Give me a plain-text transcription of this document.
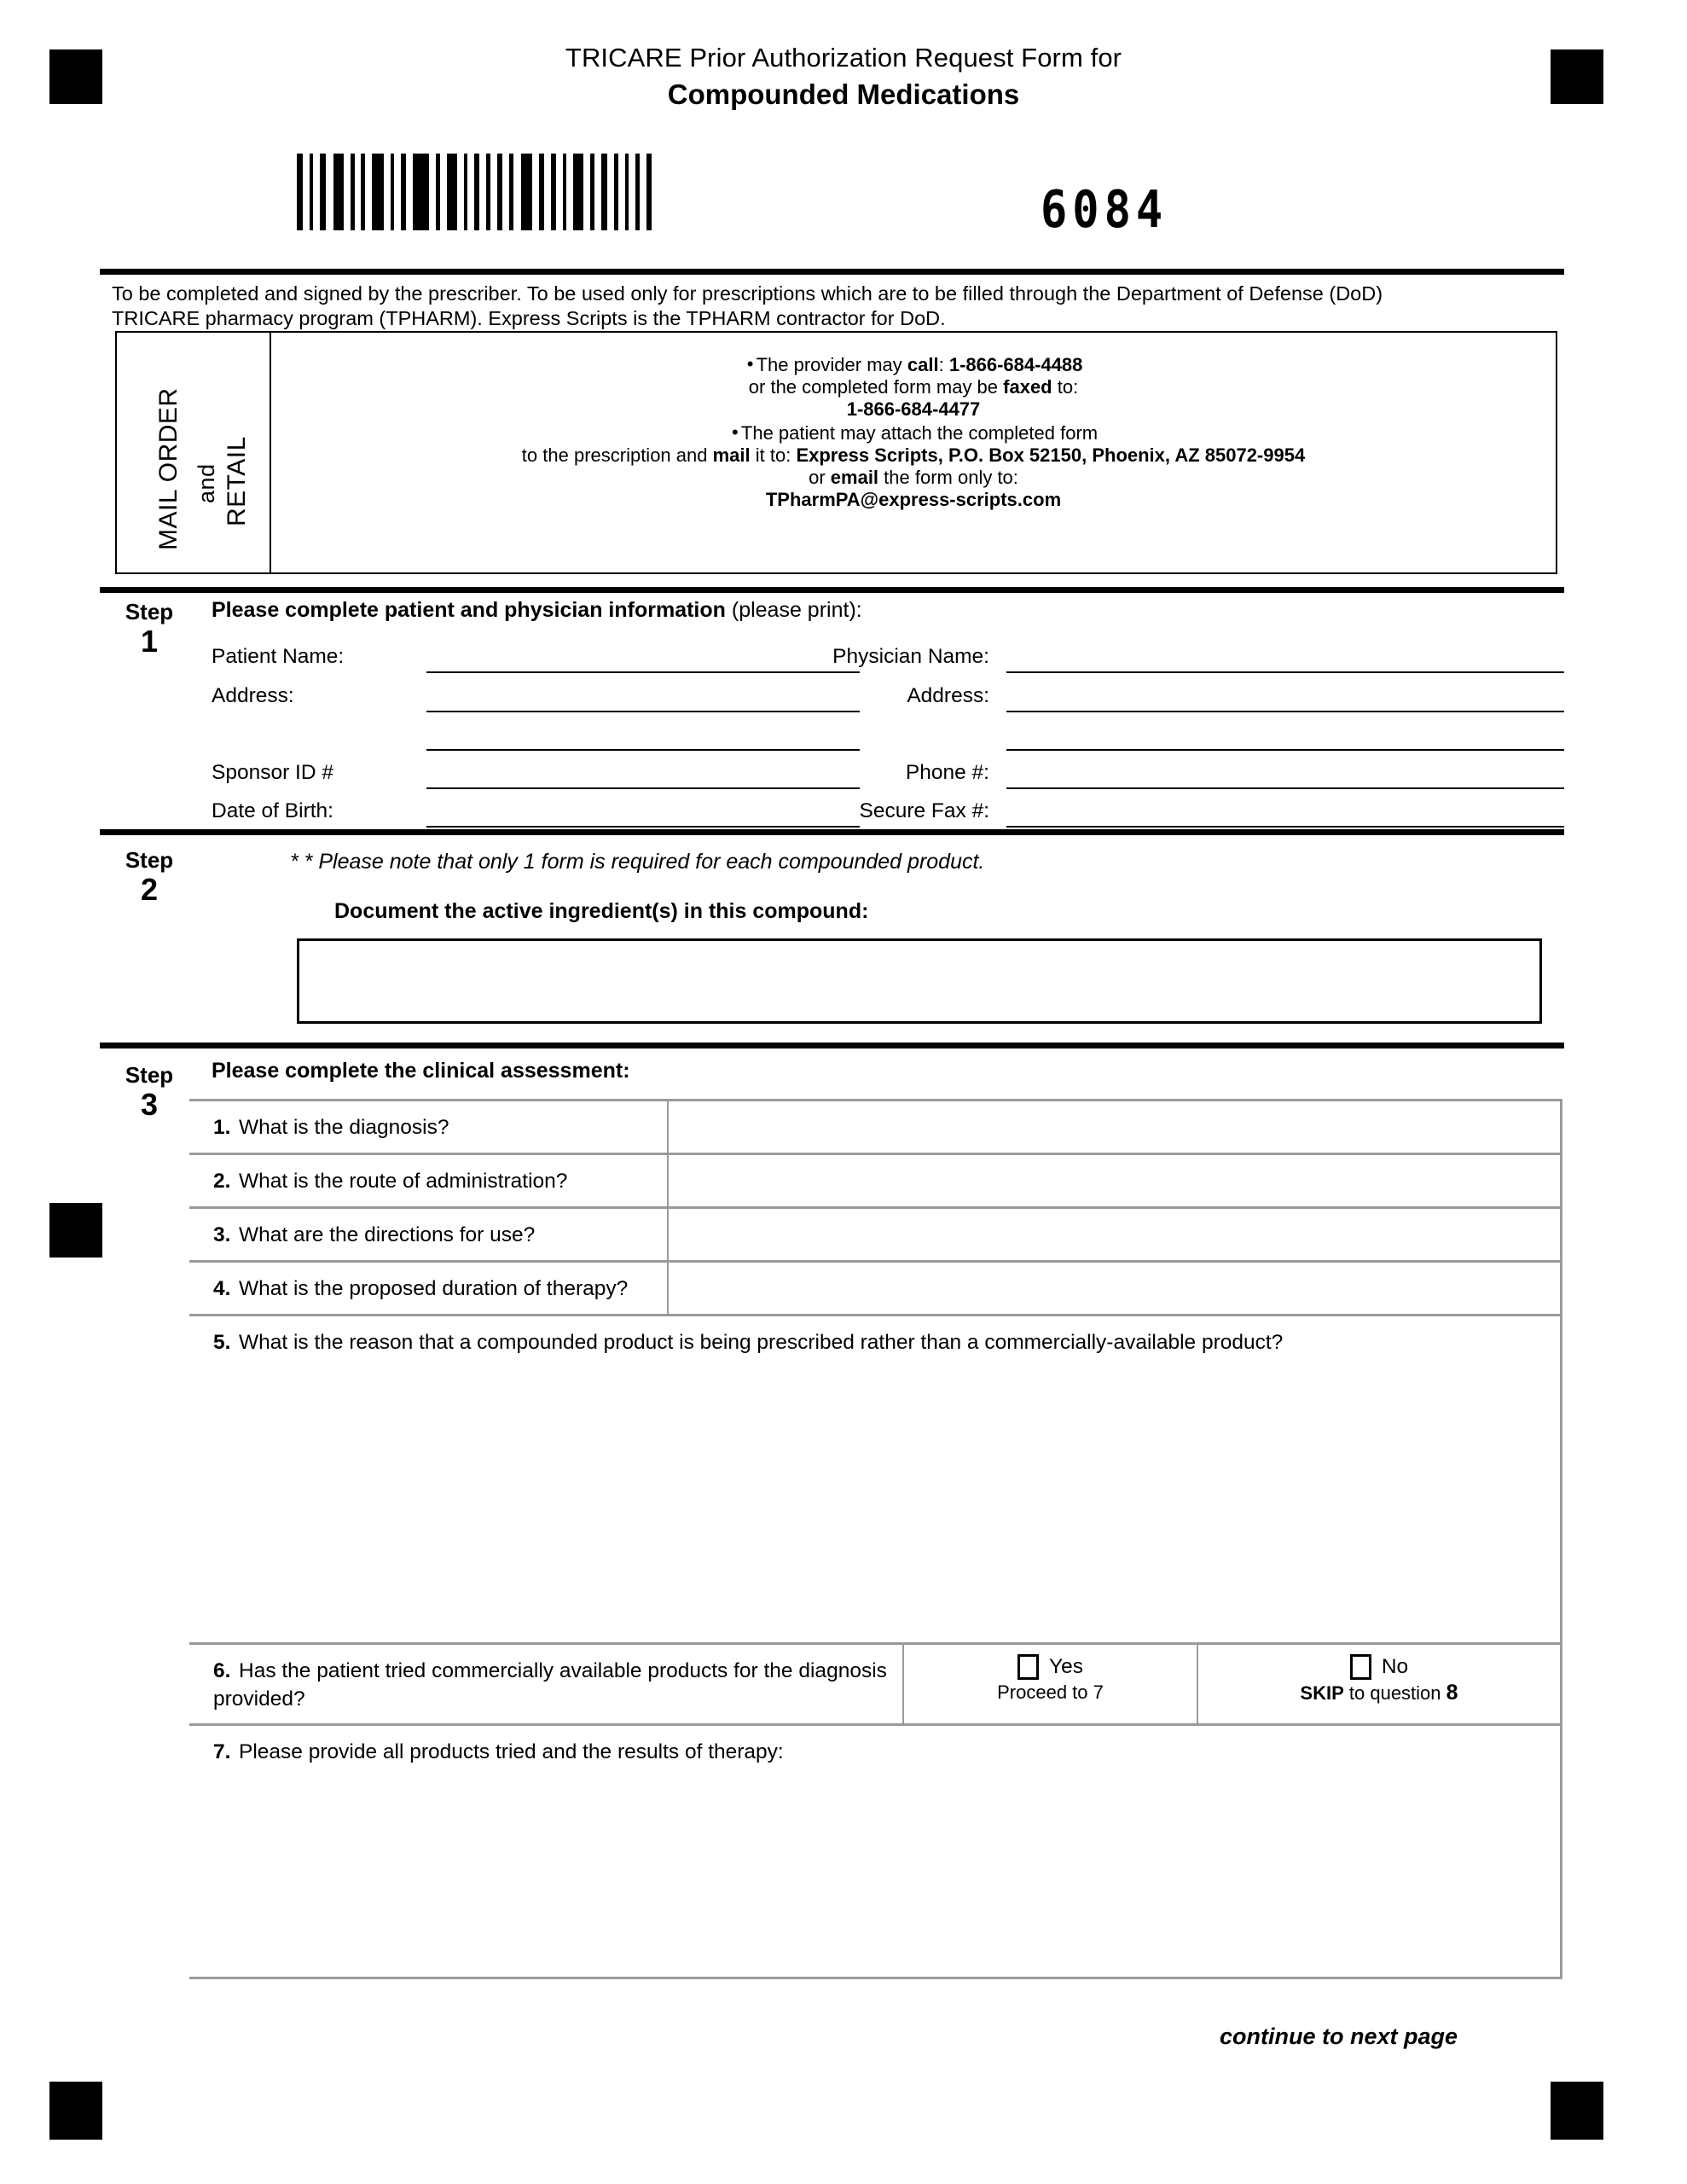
TRICARE Prior Authorization Request Form for
Compounded Medications
6084
To be completed and signed by the prescriber. To be used only for prescriptions which are to be filled through the Department of Defense (DoD)
TRICARE pharmacy program (TPHARM). Express Scripts is the TPHARM contractor for DoD.
MAIL ORDER and RETAIL
• The provider may call: 1-866-684-4488
or the completed form may be faxed to:
1-866-684-4477
• The patient may attach the completed form
to the prescription and mail it to: Express Scripts, P.O. Box 52150, Phoenix, AZ 85072-9954
or email the form only to:
TPharmPA@express-scripts.com
Step
1
Please complete patient and physician information (please print):
Patient Name:
Address:
Sponsor ID #
Date of Birth:
Physician Name:
Address:
Phone #:
Secure Fax #:
Step
2
* * Please note that only 1 form is required for each compounded product.
Document the active ingredient(s) in this compound:
Step
3
Please complete the clinical assessment:
1. What is the diagnosis?
2. What is the route of administration?
3. What are the directions for use?
4. What is the proposed duration of therapy?
5. What is the reason that a compounded product is being prescribed rather than a commercially-available product?
6. Has the patient tried commercially available products for the diagnosis provided?
Yes
Proceed to 7
No
SKIP to question 8
7. Please provide all products tried and the results of therapy:
continue to next page
